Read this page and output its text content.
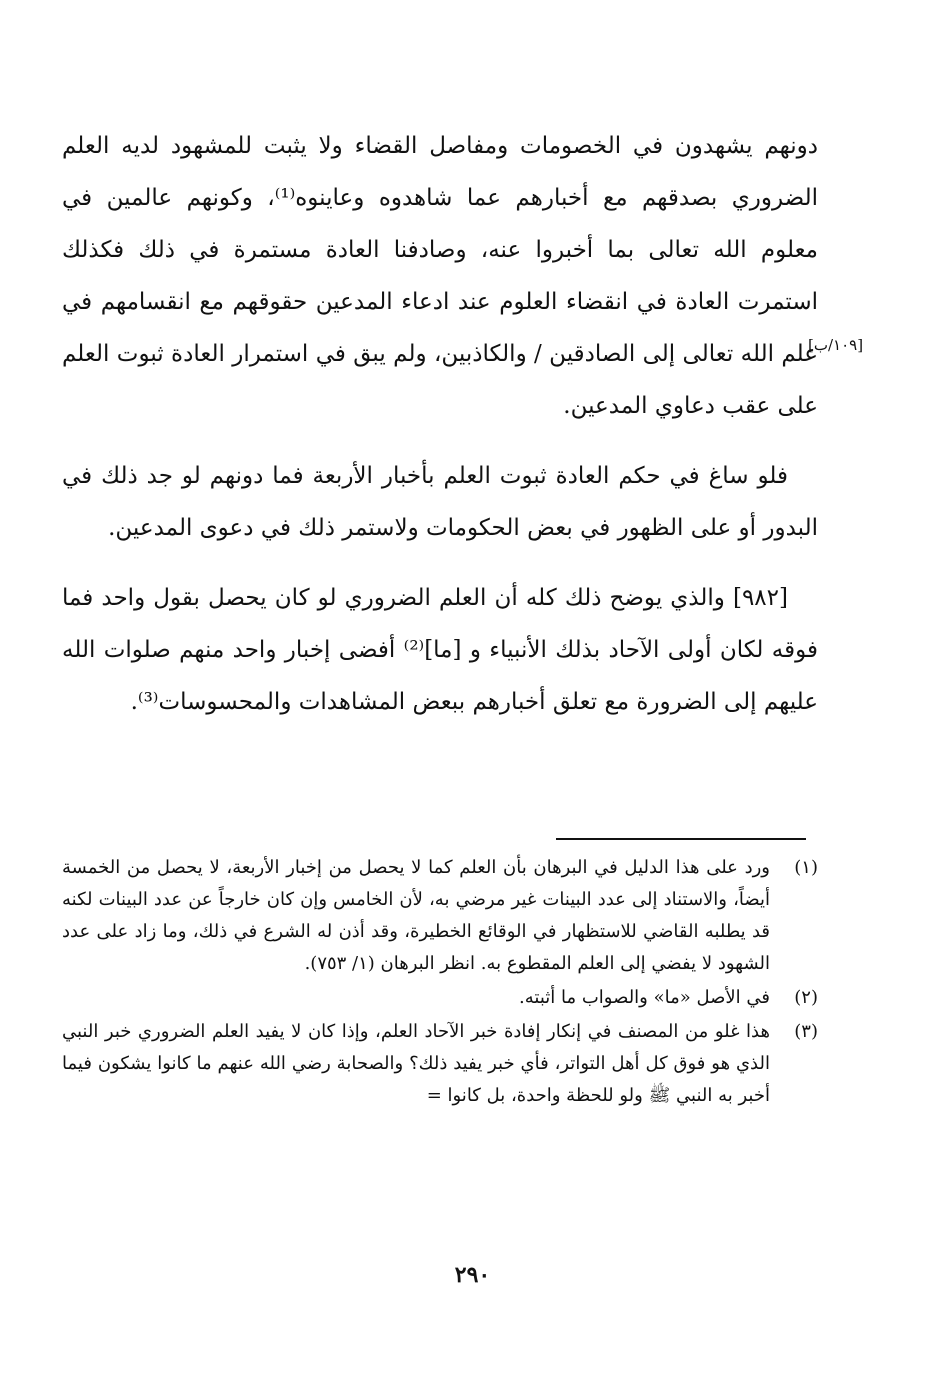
[١٠٩/ب]

دونهم يشهدون في الخصومات ومفاصل القضاء ولا يثبت للمشهود لديه العلم الضروري بصدقهم مع أخبارهم عما شاهدوه وعاينوه⁽¹⁾، وكونهم عالمين في معلوم الله تعالى بما أخبروا عنه، وصادفنا العادة مستمرة في ذلك فكذلك استمرت العادة في انقضاء العلوم عند ادعاء المدعين حقوقهم مع انقسامهم في علم الله تعالى إلى الصادقين / والكاذبين، ولم يبق في استمرار العادة ثبوت العلم على عقب دعاوي المدعين.

فلو ساغ في حكم العادة ثبوت العلم بأخبار الأربعة فما دونهم لو جد ذلك في البدور أو على الظهور في بعض الحكومات ولاستمر ذلك في دعوى المدعين.

[٩٨٢] والذي يوضح ذلك كله أن العلم الضروري لو كان يحصل بقول واحد فما فوقه لكان أولى الآحاد بذلك الأنبياء و [ما]⁽²⁾ أفضى إخبار واحد منهم صلوات الله عليهم إلى الضرورة مع تعلق أخبارهم ببعض المشاهدات والمحسوسات⁽³⁾.

(١)
ورد على هذا الدليل في البرهان بأن العلم كما لا يحصل من إخبار الأربعة، لا يحصل من الخمسة أيضاً، والاستناد إلى عدد البينات غير مرضي به، لأن الخامس وإن كان خارجاً عن عدد البينات لكنه قد يطلبه القاضي للاستظهار في الوقائع الخطيرة، وقد أذن له الشرع في ذلك، وما زاد على عدد الشهود لا يفضي إلى العلم المقطوع به. انظر البرهان (١/ ٧٥٣).
(٢)
في الأصل «ما» والصواب ما أثبته.
(٣)
هذا غلو من المصنف في إنكار إفادة خبر الآحاد العلم، وإذا كان لا يفيد العلم الضروري خبر النبي الذي هو فوق كل أهل التواتر، فأي خبر يفيد ذلك؟ والصحابة رضي الله عنهم ما كانوا يشكون فيما أخبر به النبي ﷺ ولو للحظة واحدة، بل كانوا =
٢٩٠
